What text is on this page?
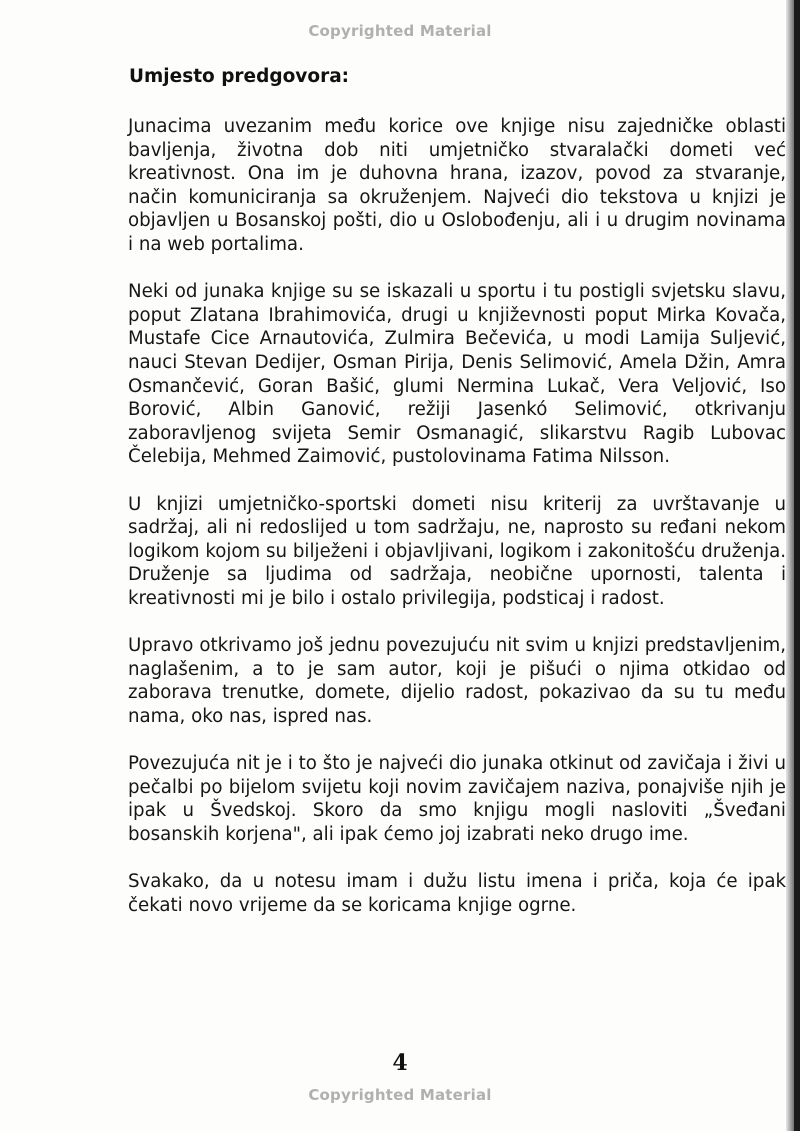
Copyrighted Material
Umjesto predgovora:

Junacima uvezanim među korice ove knjige nisu zajedničke oblasti bavljenja, životna dob niti umjetničko stvaralački dometi već kreativnost. Ona im je duhovna hrana, izazov, povod za stvaranje, način komuniciranja sa okruženjem. Najveći dio tekstova u knjizi je objavljen u Bosanskoj pošti, dio u Oslobođenju, ali i u drugim novinama i na web portalima.

Neki od junaka knjige su se iskazali u sportu i tu postigli svjetsku slavu, poput Zlatana Ibrahimovića, drugi u književnosti poput Mirka Kovača, Mustafe Cice Arnautovića, Zulmira Bečevića, u modi Lamija Suljević, nauci Stevan Dedijer, Osman Pirija, Denis Selimović, Amela Džin, Amra Osmančević, Goran Bašić, glumi Nermina Lukač, Vera Veljović, Iso Borović, Albin Ganović, režiji Jasenkó Selimović, otkrivanju zaboravljenog svijeta Semir Osmanagić, slikarstvu Ragib Lubovac Čelebija, Mehmed Zaimović, pustolovinama Fatima Nilsson.

U knjizi umjetničko-sportski dometi nisu kriterij za uvrštavanje u sadržaj, ali ni redoslijed u tom sadržaju, ne, naprosto su ređani nekom logikom kojom su bilježeni i objavljivani, logikom i zakonitošću druženja. Druženje sa ljudima od sadržaja, neobične upornosti, talenta i kreativnosti mi je bilo i ostalo privilegija, podsticaj i radost.

Upravo otkrivamo još jednu povezujuću nit svim u knjizi predstavljenim, naglašenim, a to je sam autor, koji je pišući o njima otkidao od zaborava trenutke, domete, dijelio radost, pokazivao da su tu među nama, oko nas, ispred nas.

Povezujuća nit je i to što je najveći dio junaka otkinut od zavičaja i živi u pečalbi po bijelom svijetu koji novim zavičajem naziva, ponajviše njih je ipak u Švedskoj. Skoro da smo knjigu mogli nasloviti „Šveđani bosanskih korjena", ali ipak ćemo joj izabrati neko drugo ime.

Svakako, da u notesu imam i dužu listu imena i priča, koja će ipak čekati novo vrijeme da se koricama knjige ogrne.

4
Copyrighted Material
